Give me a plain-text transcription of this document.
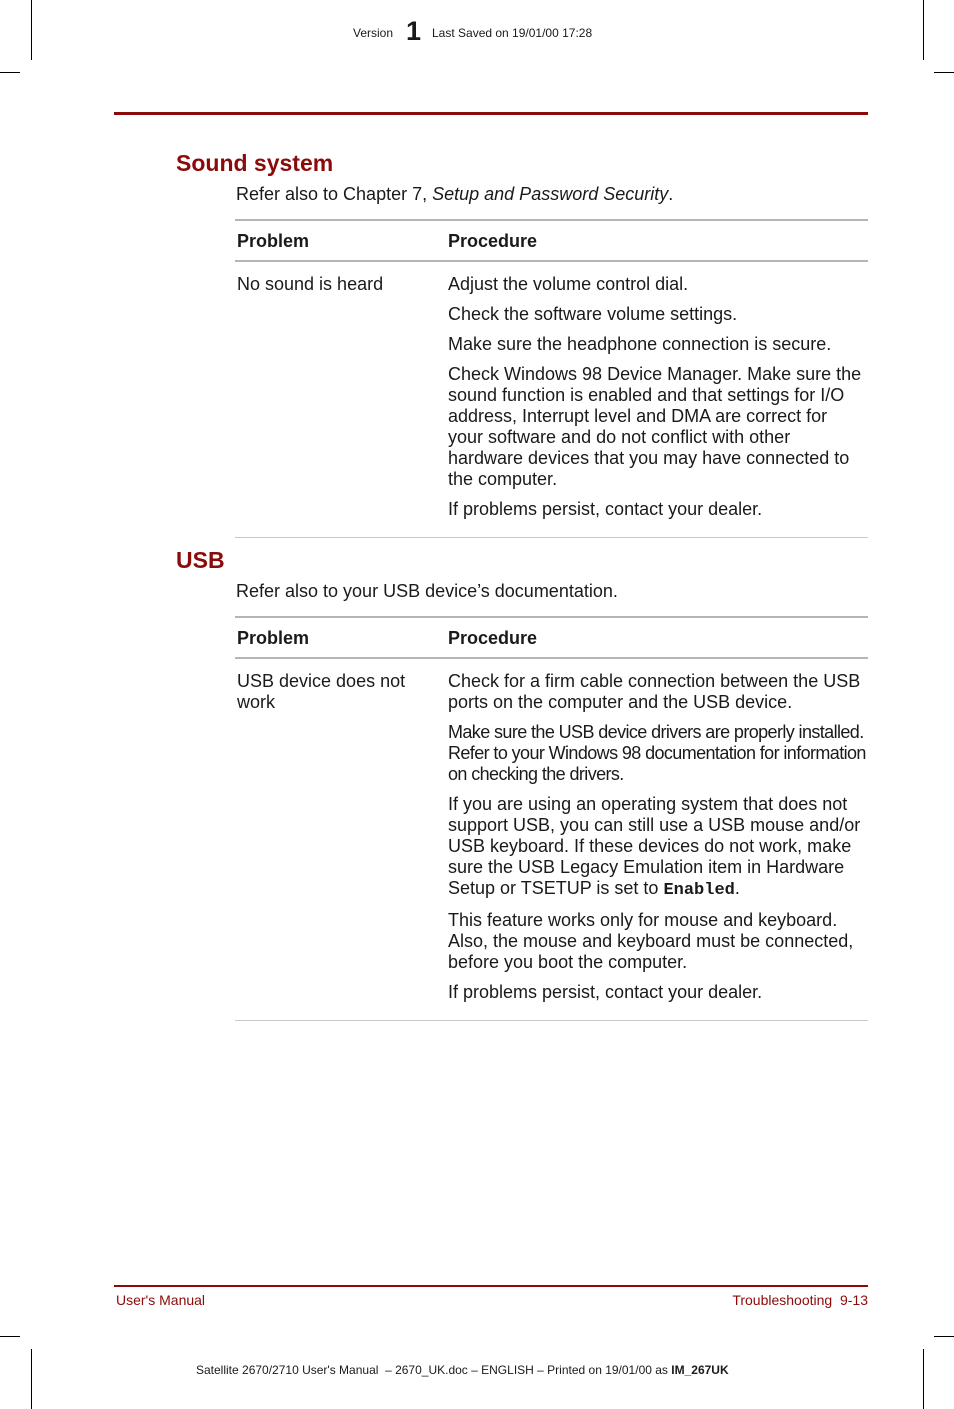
Version 1 Last Saved on 19/01/00 17:28
Sound system
Refer also to Chapter 7, Setup and Password Security.
Problem	Procedure
No sound is heard	Adjust the volume control dial.

Check the software volume settings.

Make sure the headphone connection is secure.

Check Windows 98 Device Manager. Make sure the sound function is enabled and that settings for I/O address, Interrupt level and DMA are correct for your software and do not conflict with other hardware devices that you may have connected to the computer.

If problems persist, contact your dealer.

USB
Refer also to your USB device’s documentation.
Problem	Procedure
USB device does not work	Check for a firm cable connection between the USB ports on the computer and the USB device.

Make sure the USB device drivers are properly installed. Refer to your Windows 98 documentation for information on checking the drivers.

If you are using an operating system that does not support USB, you can still use a USB mouse and/or USB keyboard. If these devices do not work, make sure the USB Legacy Emulation item in Hardware Setup or TSETUP is set to Enabled.

This feature works only for mouse and keyboard. Also, the mouse and keyboard must be connected, before you boot the computer.

If problems persist, contact your dealer.

User's Manual	Troubleshooting  9-13
Satellite 2670/2710 User's Manual  – 2670_UK.doc – ENGLISH – Printed on 19/01/00 as IM_267UK
